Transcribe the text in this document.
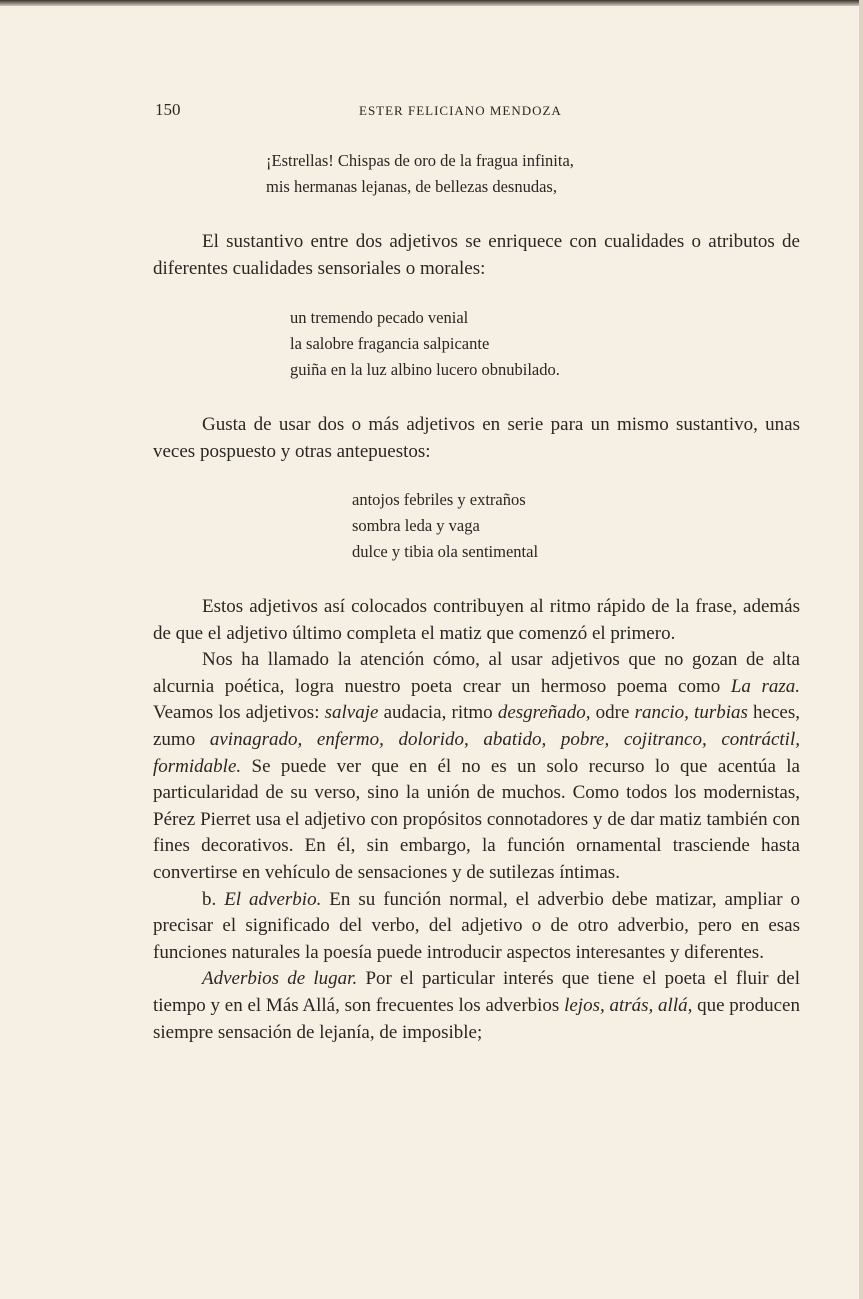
150	ESTER FELICIANO MENDOZA
¡Estrellas! Chispas de oro de la fragua infinita,
mis hermanas lejanas, de bellezas desnudas,

El sustantivo entre dos adjetivos se enriquece con cualidades o atributos de diferentes cualidades sensoriales o morales:

un tremendo pecado venial
la salobre fragancia salpicante
guiña en la luz albino lucero obnubilado.

Gusta de usar dos o más adjetivos en serie para un mismo sustantivo, unas veces pospuesto y otras antepuestos:

antojos febriles y extraños
sombra leda y vaga
dulce y tibia ola sentimental

Estos adjetivos así colocados contribuyen al ritmo rápido de la frase, además de que el adjetivo último completa el matiz que comenzó el primero.

Nos ha llamado la atención cómo, al usar adjetivos que no gozan de alta alcurnia poética, logra nuestro poeta crear un hermoso poema como La raza. Veamos los adjetivos: salvaje audacia, ritmo desgreñado, odre rancio, turbias heces, zumo avinagrado, enfermo, dolorido, abatido, pobre, cojitranco, contráctil, formidable. Se puede ver que en él no es un solo recurso lo que acentúa la particularidad de su verso, sino la unión de muchos. Como todos los modernistas, Pérez Pierret usa el adjetivo con propósitos connotadores y de dar matiz también con fines decorativos. En él, sin embargo, la función ornamental trasciende hasta convertirse en vehículo de sensaciones y de sutilezas íntimas.

b. El adverbio. En su función normal, el adverbio debe matizar, ampliar o precisar el significado del verbo, del adjetivo o de otro adverbio, pero en esas funciones naturales la poesía puede introducir aspectos interesantes y diferentes.

Adverbios de lugar. Por el particular interés que tiene el poeta el fluir del tiempo y en el Más Allá, son frecuentes los adverbios lejos, atrás, allá, que producen siempre sensación de lejanía, de imposible;
